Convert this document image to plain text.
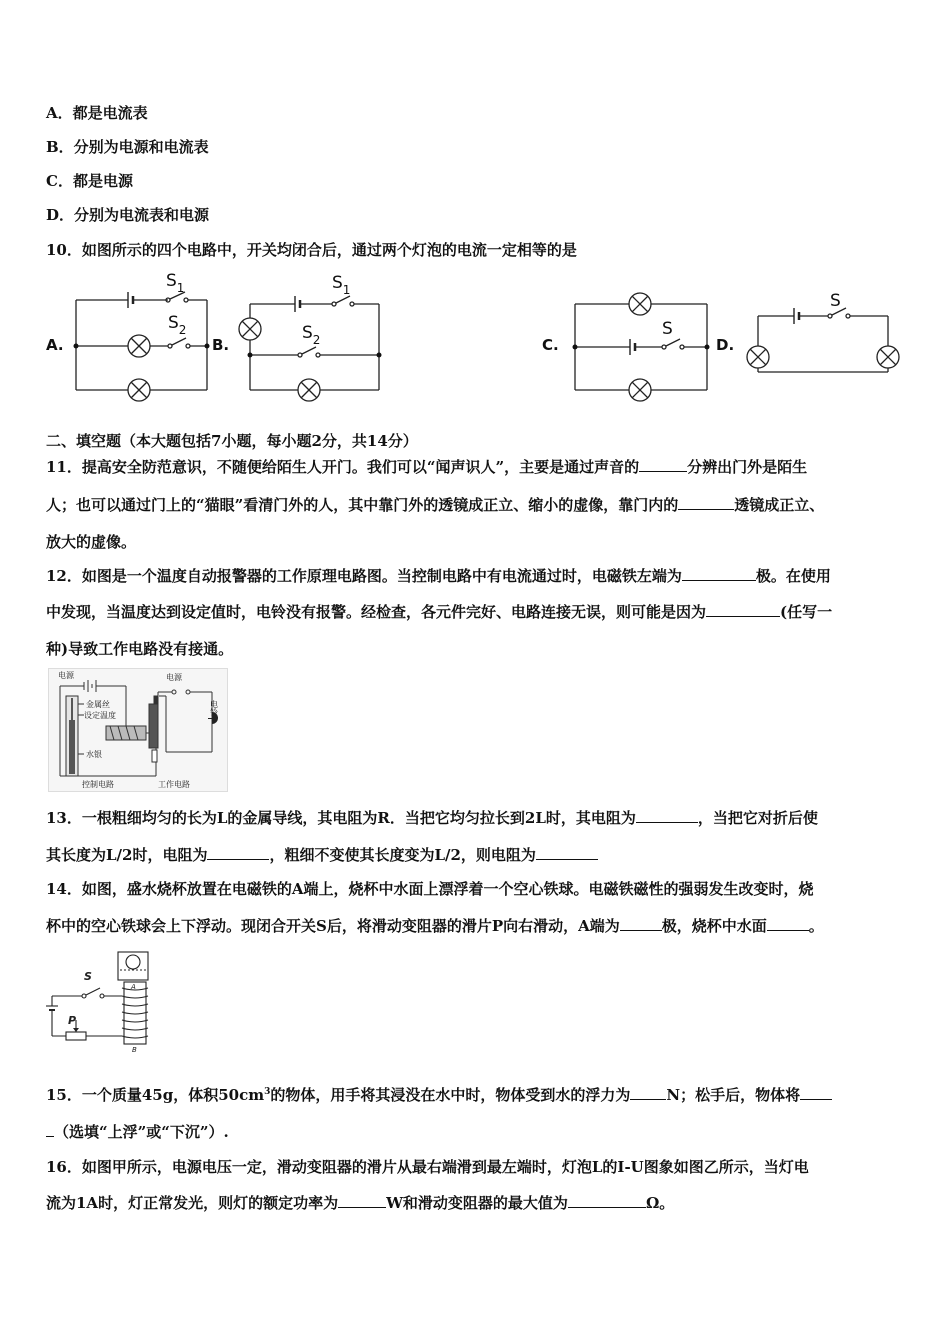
A．都是电流表
B．分别为电源和电流表
C．都是电源
D．分别为电流表和电源
10．如图所示的四个电路中，开关均闭合后，通过两个灯泡的电流一定相等的是
$S_1$
$S_2$
$S_1$
$S_2$
S
S
A.	B.	C.	D.
二、填空题（本大题包括7小题，每小题2分，共14分）
11．提高安全防范意识，不随便给陌生人开门。我们可以“闻声识人”，主要是通过声音的	分辨出门外是陌生
人；也可以通过门上的“猫眼”看清门外的人，其中靠门外的透镜成正立、缩小的虚像，靠门内的	透镜成正立、
放大的虚像。
12．如图是一个温度自动报警器的工作原理电路图。当控制电路中有电流通过时，电磁铁左端为	极。在使用
中发现，当温度达到设定值时，电铃没有报警。经检查，各元件完好、电路连接无误，则可能是因为	(任写一
种)导致工作电路没有接通。
电源	电源
金属丝
设定温度
水银
控制电路	工作电路
电铃
13．一根粗细均匀的长为L的金属导线，其电阻为R．当把它均匀拉长到2L时，其电阻为	，当把它对折后使
其长度为L/2时，电阻为	，粗细不变使其长度变为L/2，则电阻为
14．如图，盛水烧杯放置在电磁铁的A端上，烧杯中水面上漂浮着一个空心铁球。电磁铁磁性的强弱发生改变时，烧
杯中的空心铁球会上下浮动。现闭合开关S后，将滑动变阻器的滑片P向右滑动，A端为	极，烧杯中水面	。
S
P
A
B
15．一个质量45g，体积$50cm^3$的物体，用手将其浸没在水中时，物体受到水的浮力为 N；松手后，物体将
（选填“上浮”或“下沉”）.
16．如图甲所示，电源电压一定，滑动变阻器的滑片从最右端滑到最左端时，灯泡L的I-U图象如图乙所示，当灯电
流为1A时，灯正常发光，则灯的额定功率为	W和滑动变阻器的最大值为	Ω。
